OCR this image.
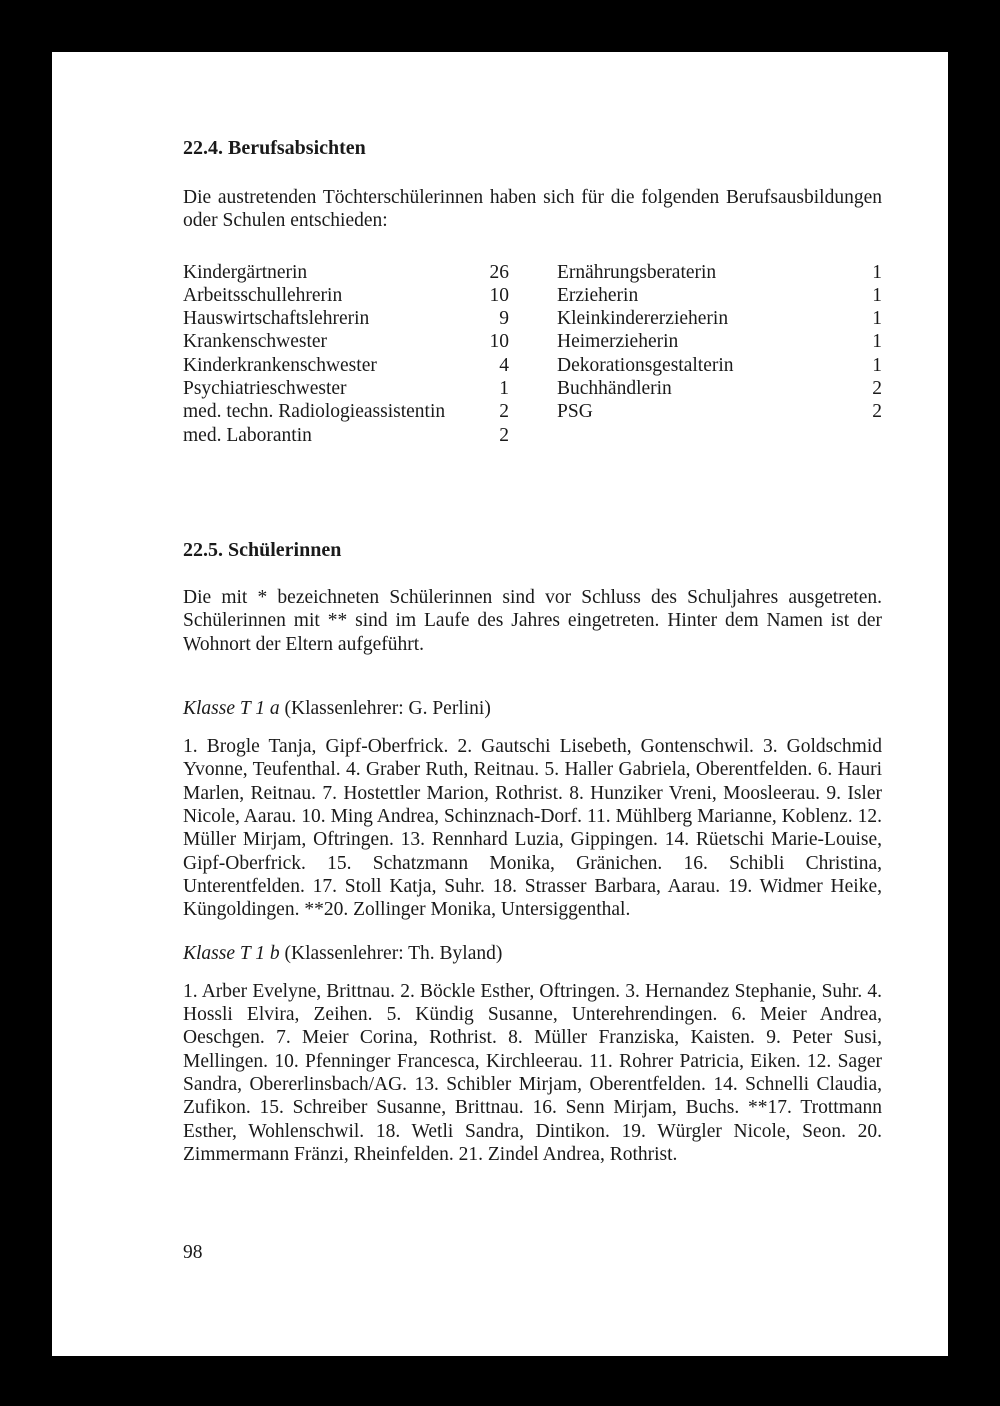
22.4. Berufsabsichten

Die austretenden Töchterschülerinnen haben sich für die folgenden Berufsausbildungen oder Schulen entschieden:

Kindergärtnerin	26
Arbeitsschullehrerin	10
Hauswirtschaftslehrerin	9
Krankenschwester	10
Kinderkrankenschwester	4
Psychiatrieschwester	1
med. techn. Radiologieassistentin	2
med. Laborantin	2
Ernährungsberaterin	1
Erzieherin	1
Kleinkindererzieherin	1
Heimerzieherin	1
Dekorationsgestalterin	1
Buchhändlerin	2
PSG	2
22.5. Schülerinnen

Die mit * bezeichneten Schülerinnen sind vor Schluss des Schuljahres ausgetreten. Schülerinnen mit ** sind im Laufe des Jahres eingetreten. Hinter dem Namen ist der Wohnort der Eltern aufgeführt.

Klasse T 1 a (Klassenlehrer: G. Perlini)

1. Brogle Tanja, Gipf-Oberfrick. 2. Gautschi Lisebeth, Gontenschwil. 3. Goldschmid Yvonne, Teufenthal. 4. Graber Ruth, Reitnau. 5. Haller Gabriela, Oberentfelden. 6. Hauri Marlen, Reitnau. 7. Hostettler Marion, Rothrist. 8. Hunziker Vreni, Moosleerau. 9. Isler Nicole, Aarau. 10. Ming Andrea, Schinznach-Dorf. 11. Mühlberg Marianne, Koblenz. 12. Müller Mirjam, Oftringen. 13. Rennhard Luzia, Gippingen. 14. Rüetschi Marie-Louise, Gipf-Oberfrick. 15. Schatzmann Monika, Gränichen. 16. Schibli Christina, Unterentfelden. 17. Stoll Katja, Suhr. 18. Strasser Barbara, Aarau. 19. Widmer Heike, Küngoldingen. **20. Zollinger Monika, Untersiggenthal.

Klasse T 1 b (Klassenlehrer: Th. Byland)

1. Arber Evelyne, Brittnau. 2. Böckle Esther, Oftringen. 3. Hernandez Stephanie, Suhr. 4. Hossli Elvira, Zeihen. 5. Kündig Susanne, Unterehrendingen. 6. Meier Andrea, Oeschgen. 7. Meier Corina, Rothrist. 8. Müller Franziska, Kaisten. 9. Peter Susi, Mellingen. 10. Pfenninger Francesca, Kirchleerau. 11. Rohrer Patricia, Eiken. 12. Sager Sandra, Obererlinsbach/AG. 13. Schibler Mirjam, Oberentfelden. 14. Schnelli Claudia, Zufikon. 15. Schreiber Susanne, Brittnau. 16. Senn Mirjam, Buchs. **17. Trottmann Esther, Wohlenschwil. 18. Wetli Sandra, Dintikon. 19. Würgler Nicole, Seon. 20. Zimmermann Fränzi, Rheinfelden. 21. Zindel Andrea, Rothrist.

98
